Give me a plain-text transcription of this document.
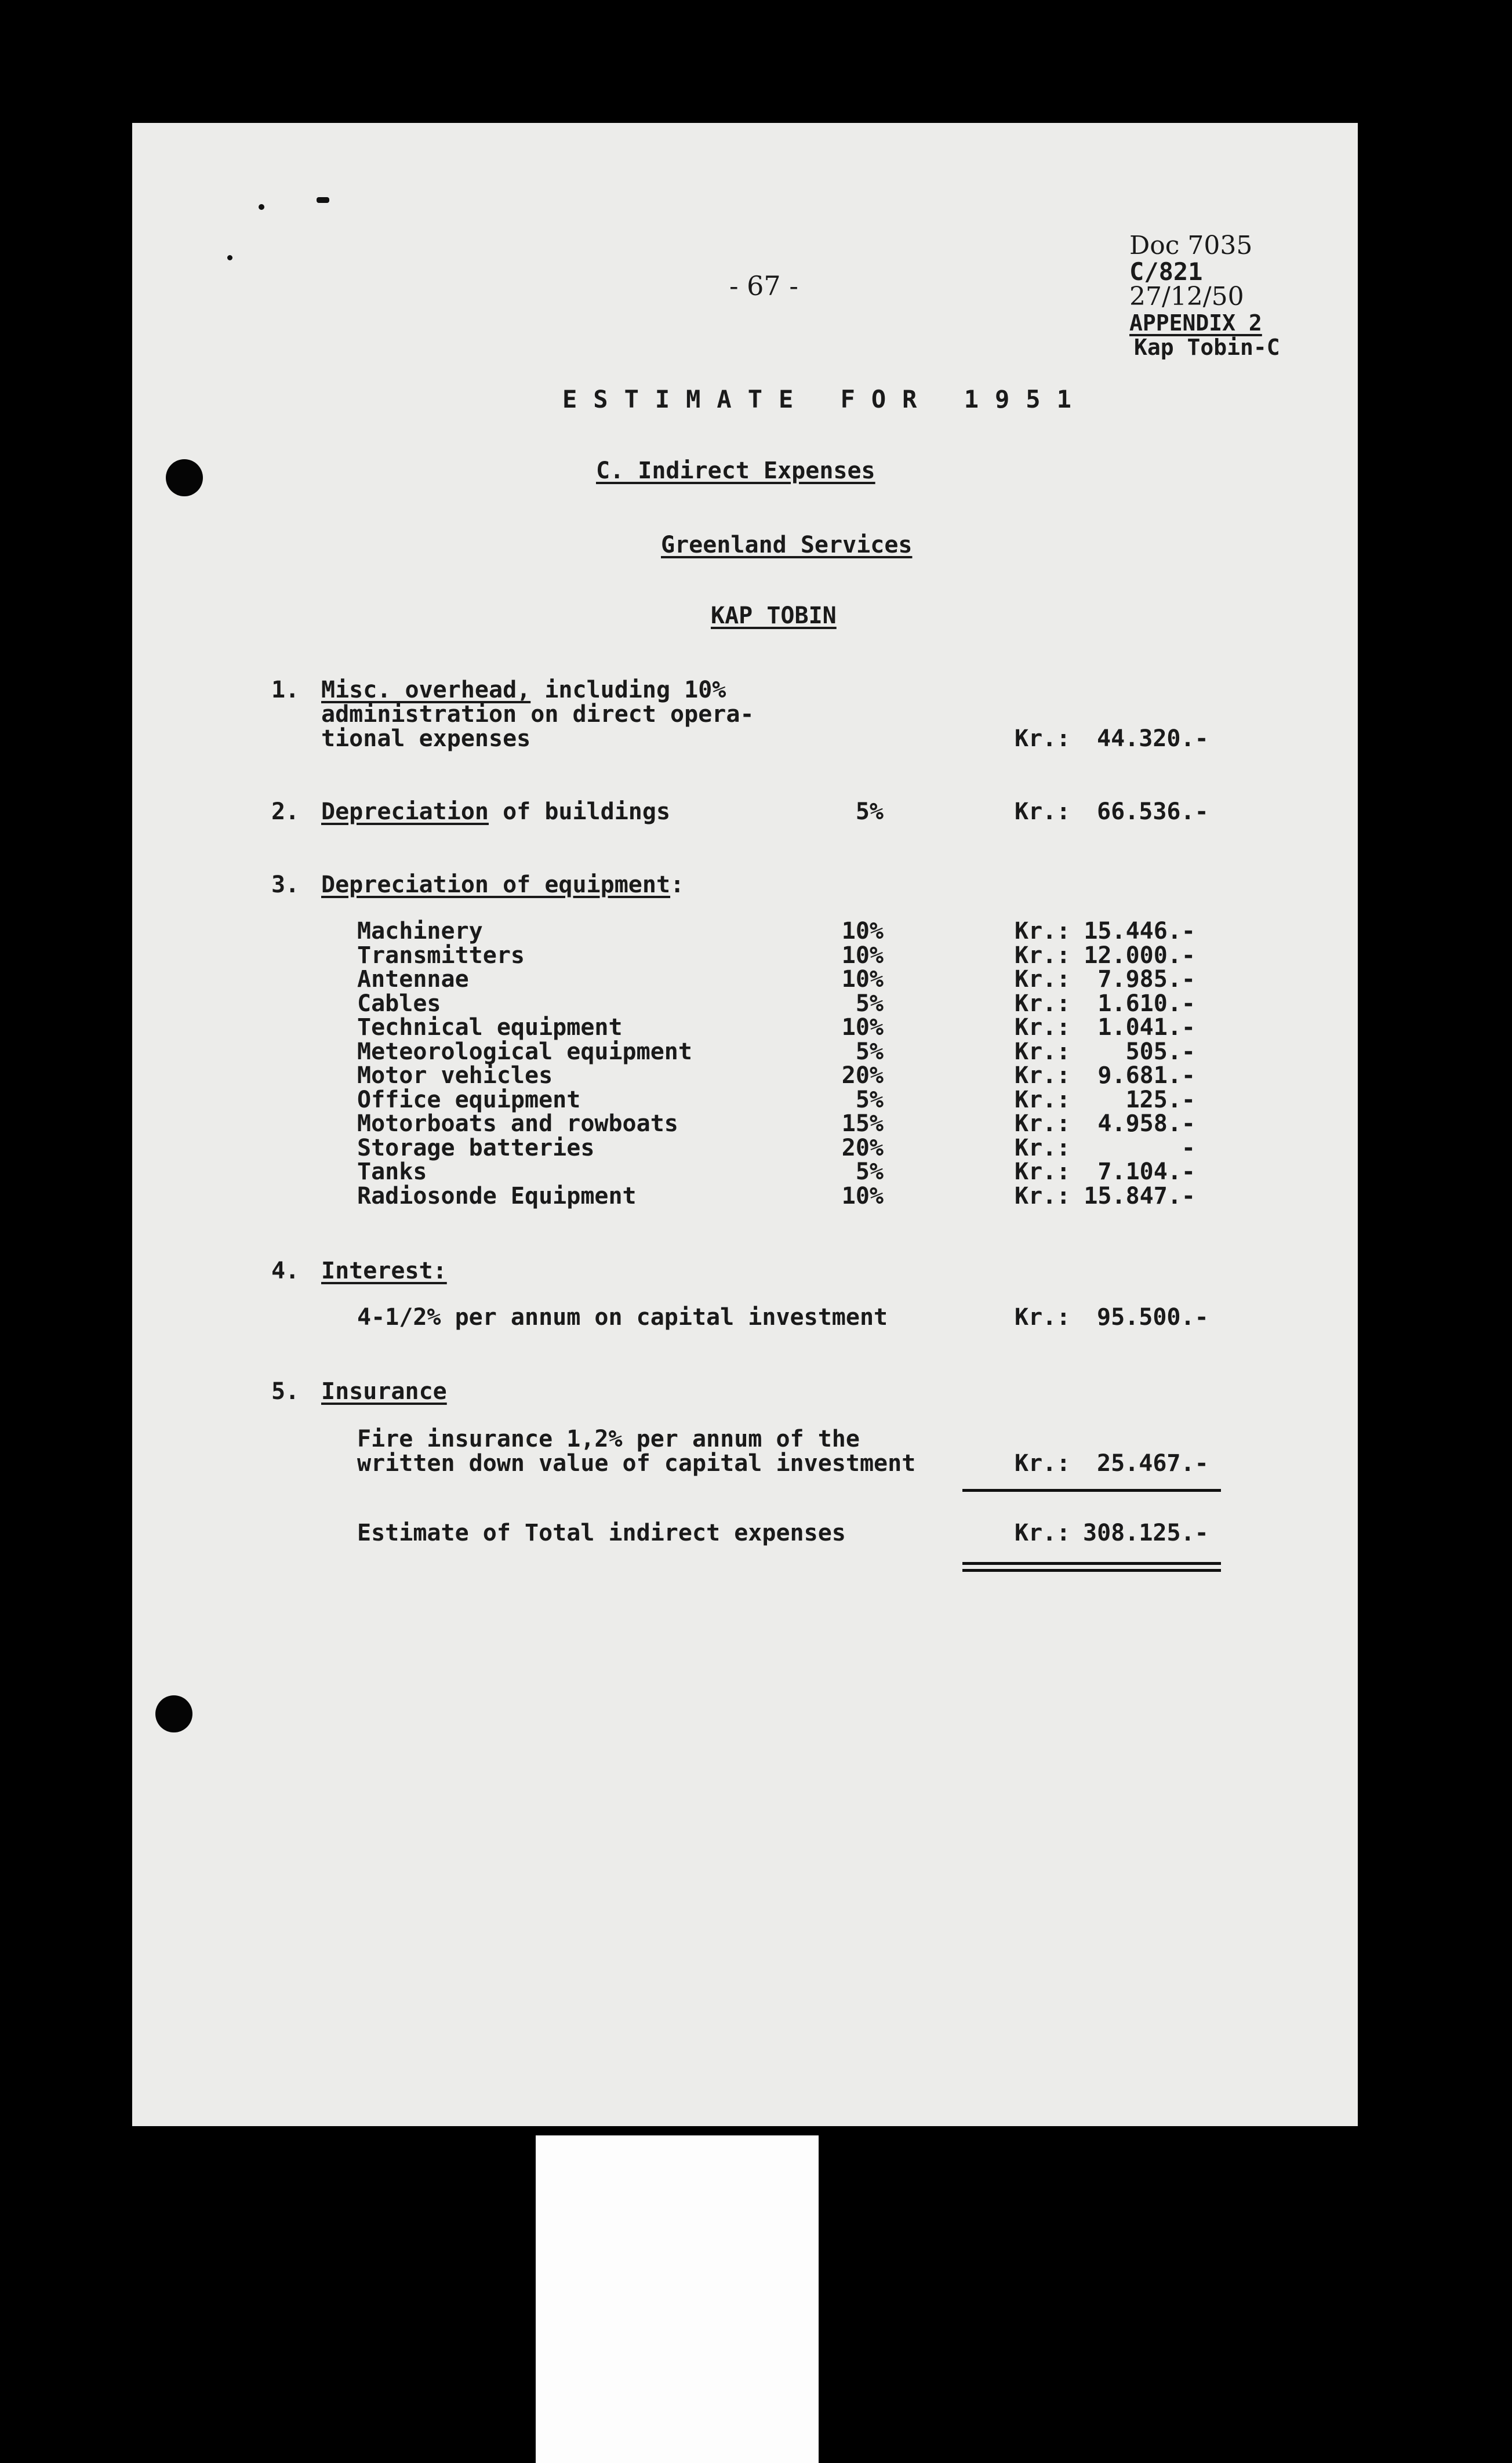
- 67 -
Doc 7035
C/821
27/12/50
APPENDIX 2
Kap Tobin-C
ESTIMATE FOR 1951
C. Indirect Expenses
Greenland Services
KAP TOBIN
1. Misc. overhead, including 10%
administration on direct opera-
tional expenses	Kr.: 44.320.-
2. Depreciation of buildings	5%	Kr.: 66.536.-
3. Depreciation of equipment:
Machinery	10%	Kr.: 15.446.-
Transmitters	10%	Kr.: 12.000.-
Antennae	10%	Kr.:	7.985.-
Cables	5%	Kr.:	1.610.-
Technical equipment	10%	Kr.:	1.041.-
Meteorological equipment	5%	Kr.:	505.-
Motor vehicles	20%	Kr.:	9.681.-
Office equipment	5%	Kr.:	125.-
Motorboats and rowboats	15%	Kr.:	4.958.-
Storage batteries	20%	Kr.:	-
Tanks	5%	Kr.:	7.104.-
Radiosonde Equipment	10%	Kr.: 15.847.-
4. Interest:
4-1/2% per annum on capital investment	Kr.: 95.500.-
5. Insurance
Fire insurance 1,2% per annum of the
written down value of capital investment	Kr.: 25.467.-
Estimate of Total indirect expenses	Kr.: 308.125.-
